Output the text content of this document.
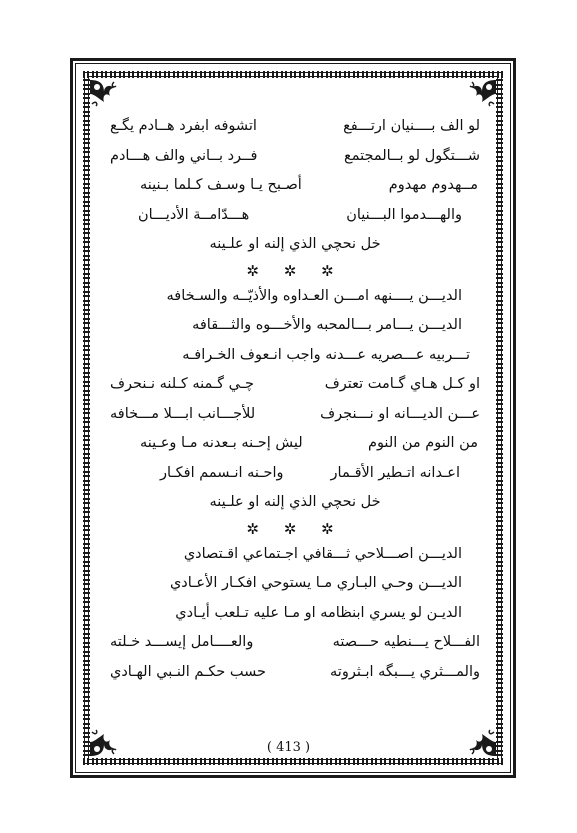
لو الف بــــنيان ارتـــفع
اتشوفه ابفرد هــادم يگـع
شـــتگول لو بــالمجتمع
فــرد بــاني والف هـــادم
مــهدوم مهدوم
أصـبح يـا وسـف كـلما بـنينه
والهـــدموا البـــنيان
هـــدّامــة الأديـــان
خل نحچي الذي إلنه او علـينه
✲ ✲ ✲
الديـــن يــــنهه امـــن العـداوه والأذيّــه والسـخافه
الديـــن يـــامر بـــالمحبه والأخـــوه والثـــقافه
تـــربيه عـــصريه عـــدنه واجب انـعوف الخـرافـه
او كـل هـاي گـامت تعترف
چـي گـمنه كـلنه نـنحرف
عـــن الديـــانه او نـــنجرف
للأجـــانب ابـــلا مـــخافه
من النوم من النوم
ليش إحـنه بـعدنه مـا وعـينه
اعـدانه اتـطير الأقـمار
واحـنه انـسمم افكـار
خل نحچي الذي إلنه او علـينه
✲ ✲ ✲
الديـــن اصـــلاحي ثـــقافي اجـتماعي اقـتصادي
الديـــن وحـي البـاري مـا يستوحي افكـار الأعـادي
الديـن لو يسري ابنظامه او مـا عليه تـلعب أيـادي
الفـــلاح يـــنطيه حـــصته
والعــــامل إيســـد خـلته
والمـــثري يـــبگه ابـثروته
حسب حكـم النـبي الهـادي
( 413 )
